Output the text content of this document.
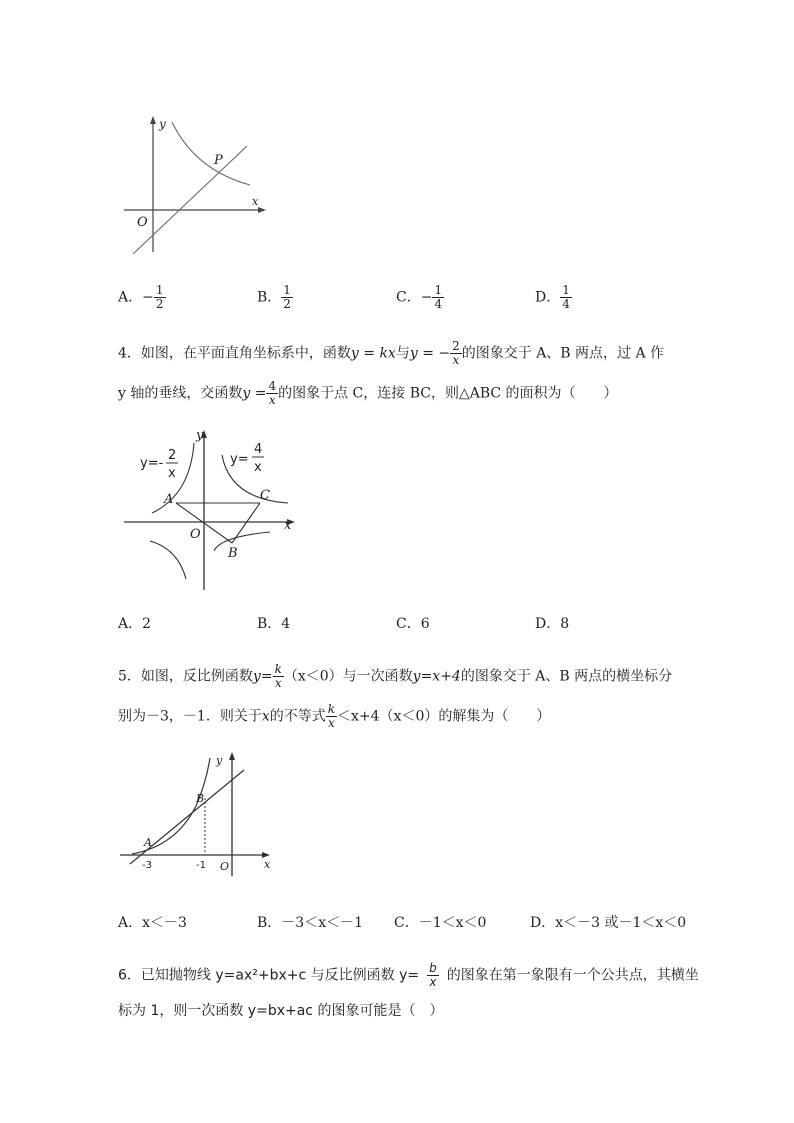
y
x
O
P
A．− $\frac{1}{2}$	B． $\frac{1}{2}$	C．− $\frac{1}{4}$	D． $\frac{1}{4}$
4．如图，在平面直角坐标系中，函数y = kx与y = − $\frac{2}{x}$ 的图象交于 A、B 两点，过 A 作
y 轴的垂线，交函数$y = \frac{4}{x}$ 的图象于点 C，连接 BC，则△ABC 的面积为（　　）
y=-
2
x
y=
4
x
y
x
O
A
B
C
A．2	B．4	C．6	D．8
5．如图，反比例函数$y= \frac{k}{x} (x<0)$与一次函数y=x+4的图象交于 A、B 两点的横坐标分
别为－3，－1．则关于x的不等式 $\frac{k}{x} <x+4(x<0)$的解集为（　　）
y
x
O
A
B
-3	-1
A．x＜－3	B．－3＜x＜－1 C．－1＜x＜0	D．x＜－3 或－1＜x＜0
6．已知抛物线 y=ax²+bx+c 与反比例函数 $y= \frac{b}{x}$ 的图象在第一象限有一个公共点，其横坐
标为 1，则一次函数 y=bx+ac 的图象可能是（　）
